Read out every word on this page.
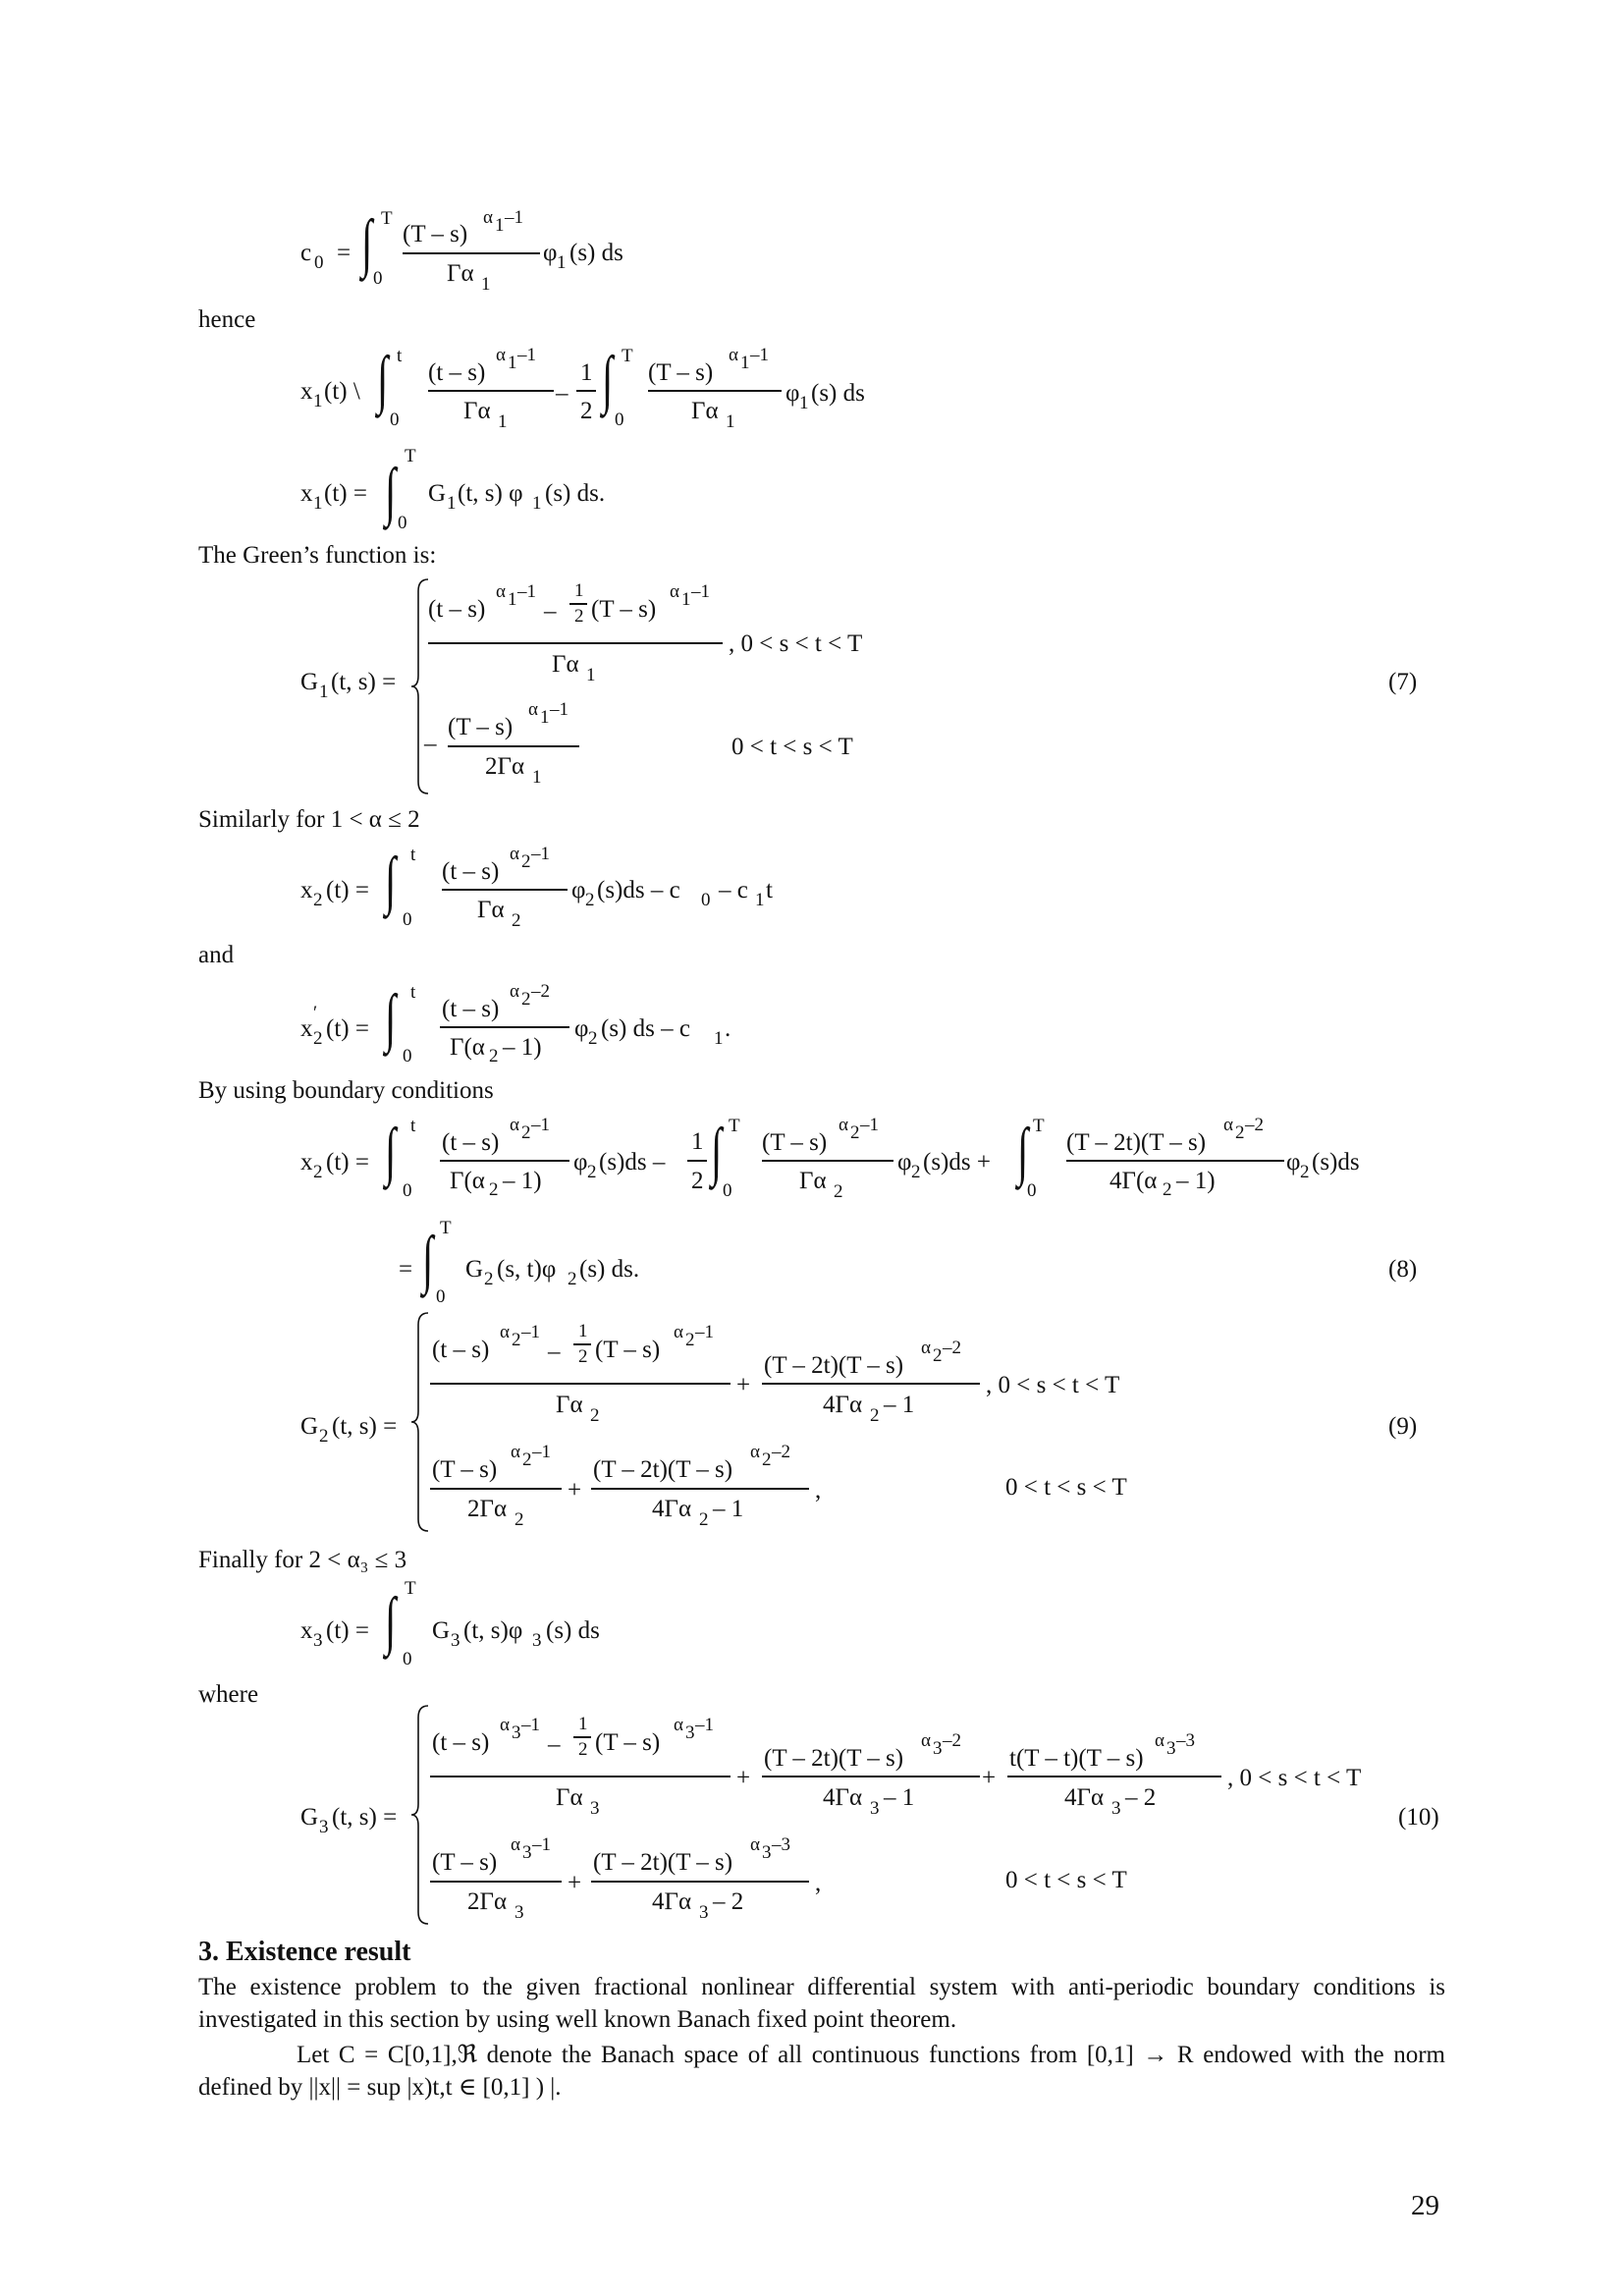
c 0 = ∫ T
0
(T – s)
α 1 –1
Γα 1
φ 1 (s) ds
hence
x 1 (t) \ ∫ t
0
(t – s)
α 1 –1
Γα 1
–
1
2 ∫ T
0
(T – s)
α 1 –1
Γα 1
φ 1 (s) ds
x 1 (t) = ∫ T
0
G 1 (t, s) φ 1 (s) ds.
The Green’s function is:
G 1 (t, s) =
(t – s)
α 1 –1
–
1
2 (T – s)
α 1 –1
Γα 1
, 0 < s < t < T
–
(T – s)
α 1 –1
2Γα 1
0 < t < s < T
(7)
Similarly for 1 < α ≤ 2
x 2 (t) = ∫ t
0
(t – s)
α 2 –1
Γα 2
φ 2 (s)ds – c 0 – c 1 t
and
x
′
2 (t) = ∫ t
0
(t – s)
α 2 –2
Γ(α 2 – 1)
φ 2 (s) ds – c 1 .
By using boundary conditions
x 2 (t) = ∫ t
0
(t – s)
α 2 –1
Γ(α 2 – 1)
φ 2 (s)ds –
1
2 ∫ T
0
(T – s)
α 2 –1
Γα 2
φ 2 (s)ds + ∫ T
0
(T – 2t)(T – s)
α 2 –2
4Γ(α 2 – 1)
φ 2 (s)ds
= ∫ T
0
G 2 (s, t)φ 2 (s) ds.	(8)
G 2 (t, s) =
(t – s)
α 2 –1
–
1
2 (T – s)
α 2 –1
Γα 2
+
(T – 2t)(T – s)
α 2 –2
4Γα 2 – 1
, 0 < s < t < T
(T – s)
α 2 –1
2Γα 2
+
(T – 2t)(T – s)
α 2 –2
4Γα 2 – 1
,	0 < t < s < T
(9)
Finally for 2 < α₃ ≤ 3
x 3 (t) = ∫ T
0
G 3 (t, s)φ 3 (s) ds
where
G 3 (t, s) =
(t – s)
α 3 –1
–
1
2 (T – s)
α 3 –1
Γα 3
+
(T – 2t)(T – s)
α 3 –2
4Γα 3 – 1
+
t(T – t)(T – s)
α 3 –3
4Γα 3 – 2
, 0 < s < t < T
(T – s)
α 3 –1
2Γα 3
+
(T – 2t)(T – s)
α 3 –3
4Γα 3 – 2
,	0 < t < s < T
(10)
3. Existence result
The existence problem to the given fractional nonlinear differential system with anti-periodic boundary conditions is investigated in this section by using well known Banach fixed point theorem.
Let C = C[0,1],ℜ denote the Banach space of all continuous functions from [0,1] → R endowed with the norm defined by ||x|| = sup |x)t,t ∈ [0,1] ) |.
29
